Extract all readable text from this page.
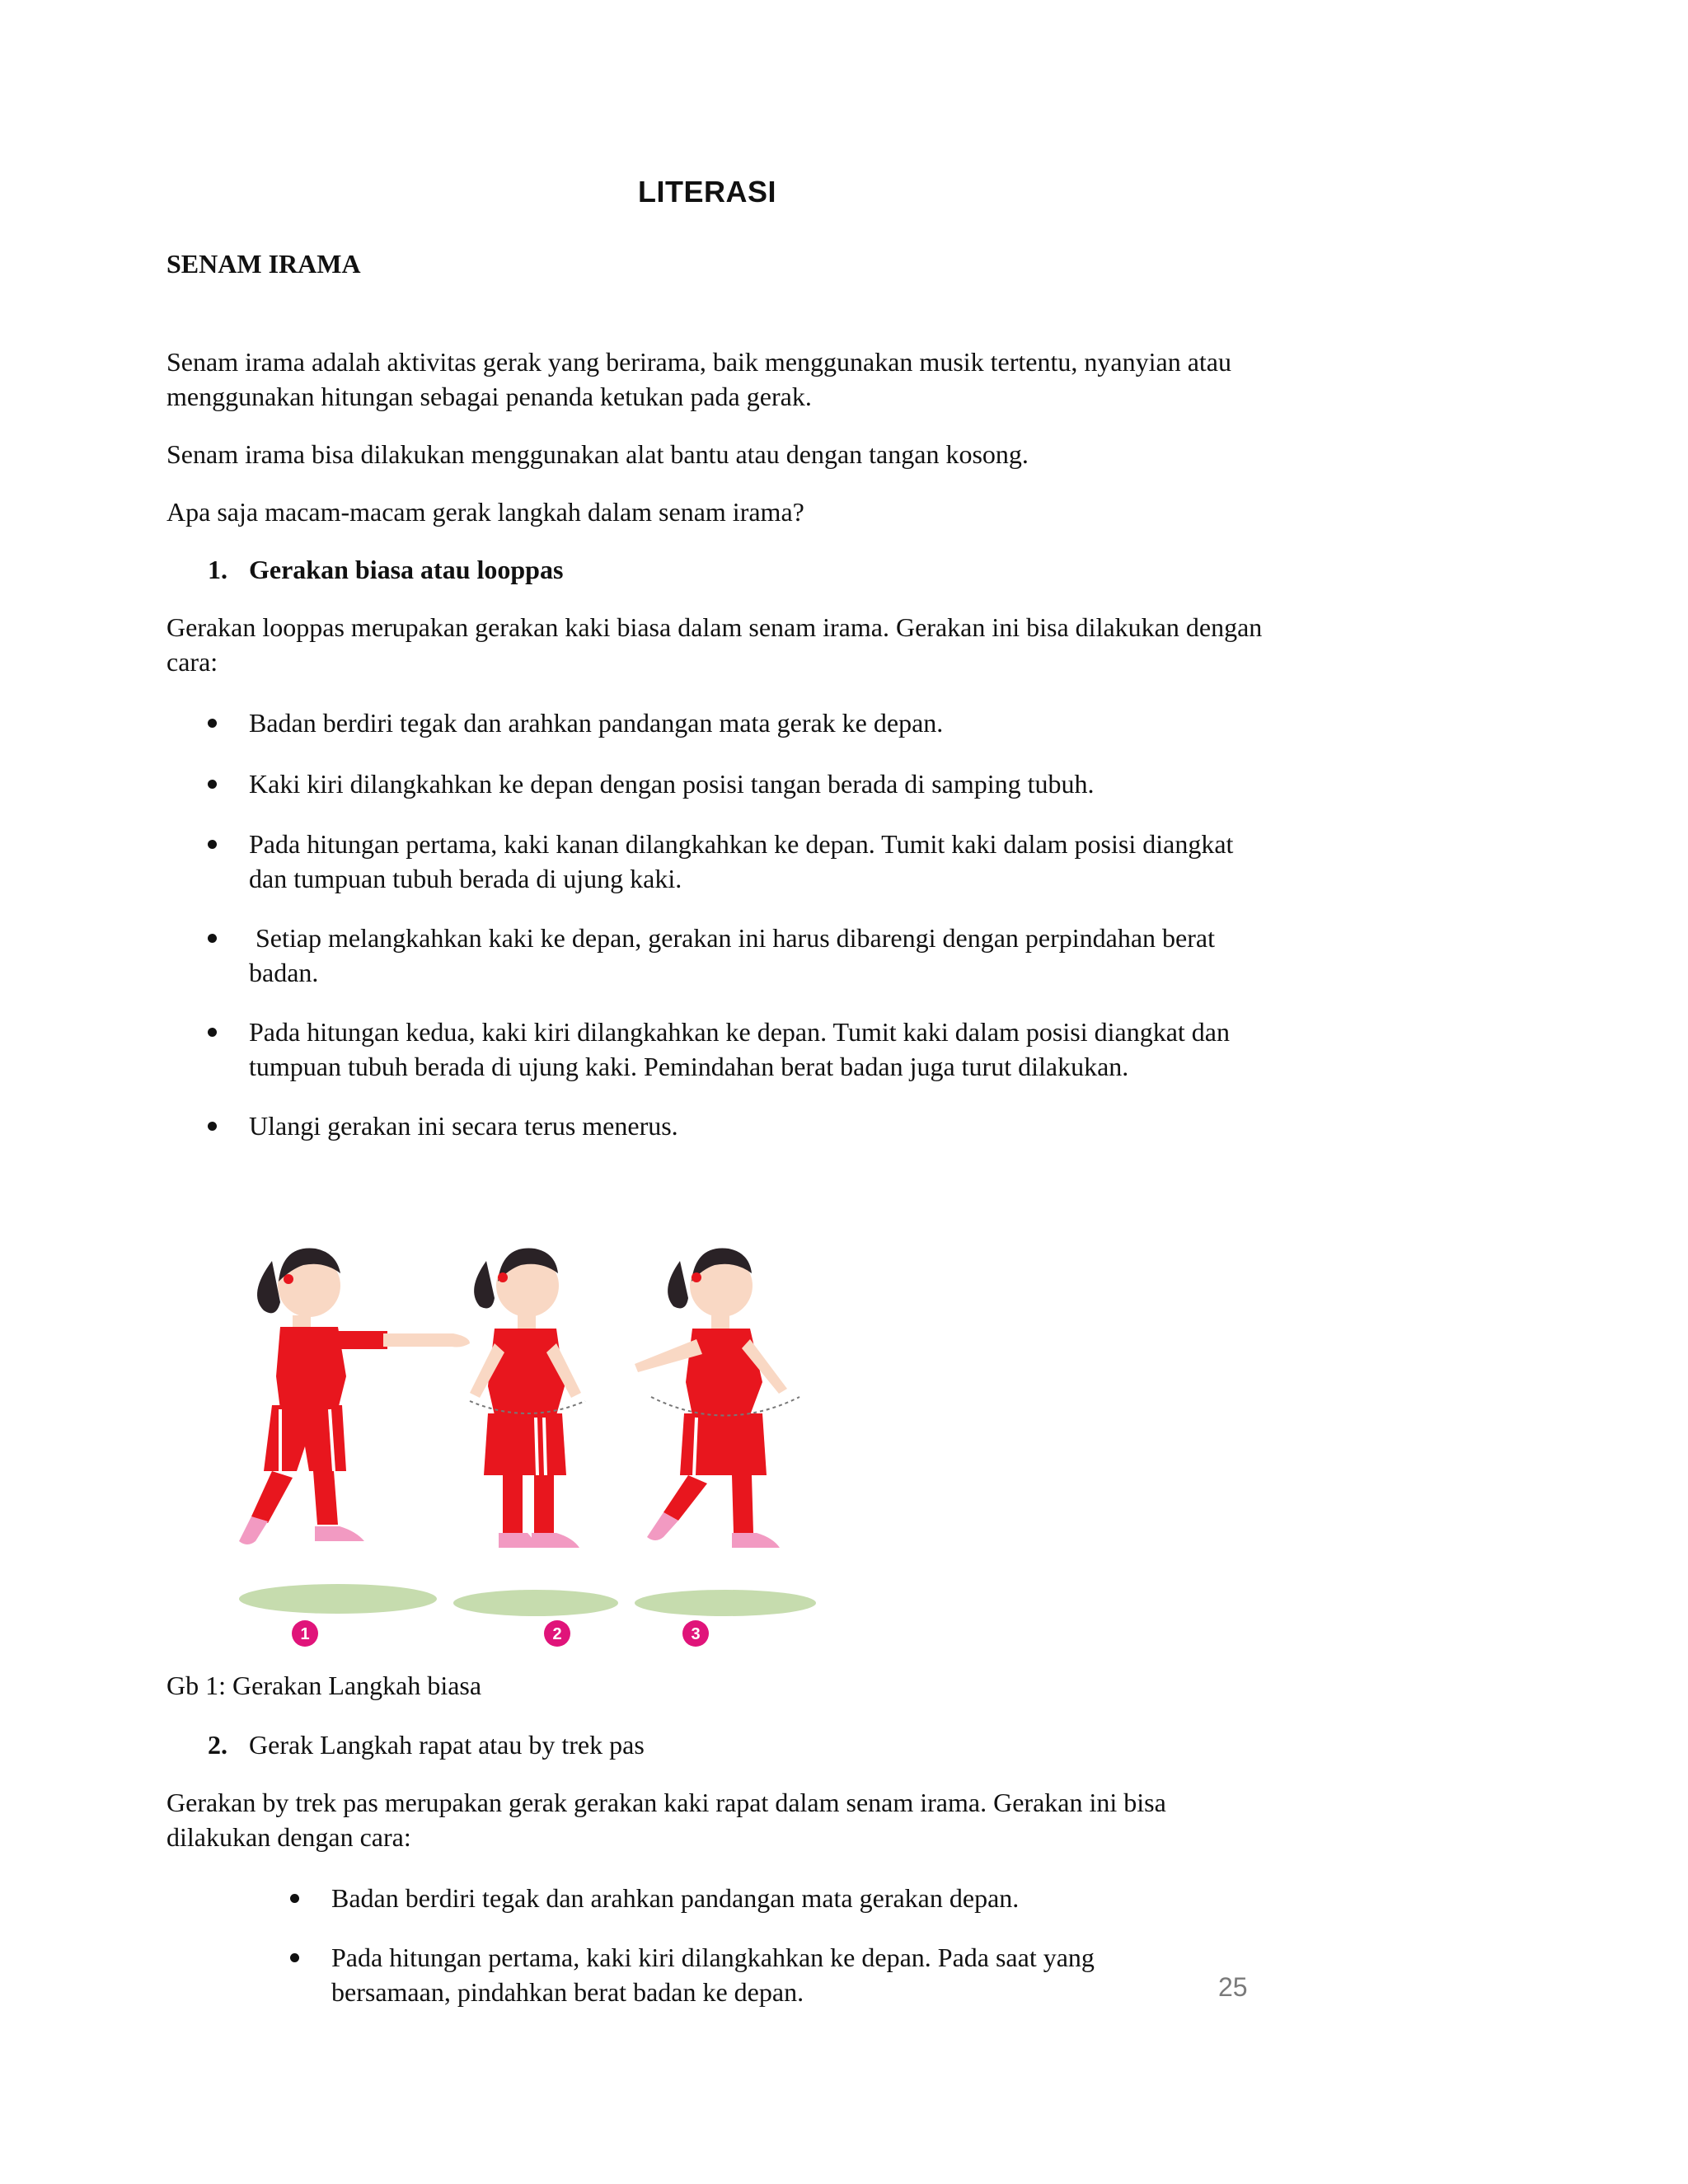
LITERASI
SENAM IRAMA
Senam irama adalah aktivitas gerak yang berirama, baik menggunakan musik tertentu, nyanyian atau menggunakan hitungan sebagai penanda ketukan pada gerak.
Senam irama bisa dilakukan menggunakan alat bantu atau dengan tangan kosong.
Apa saja macam-macam gerak langkah dalam senam irama?
1. Gerakan biasa atau looppas
Gerakan looppas merupakan gerakan kaki biasa dalam senam irama. Gerakan ini bisa dilakukan dengan cara:
Badan berdiri tegak dan arahkan pandangan mata gerak ke depan.
Kaki kiri dilangkahkan ke depan dengan posisi tangan berada di samping tubuh.
Pada hitungan pertama, kaki kanan dilangkahkan ke depan. Tumit kaki dalam posisi diangkat dan tumpuan tubuh berada di ujung kaki.
Setiap melangkahkan kaki ke depan, gerakan ini harus dibarengi dengan perpindahan berat badan.
Pada hitungan kedua, kaki kiri dilangkahkan ke depan. Tumit kaki dalam posisi diangkat dan tumpuan tubuh berada di ujung kaki. Pemindahan berat badan juga turut dilakukan.
Ulangi gerakan ini secara terus menerus.
1	2	3
Gb 1: Gerakan Langkah biasa
2. Gerak Langkah rapat atau by trek pas
Gerakan by trek pas merupakan gerak gerakan kaki rapat dalam senam irama. Gerakan ini bisa dilakukan dengan cara:
Badan berdiri tegak dan arahkan pandangan mata gerakan depan.
Pada hitungan pertama, kaki kiri dilangkahkan ke depan. Pada saat yang bersamaan, pindahkan berat badan ke depan.	25
